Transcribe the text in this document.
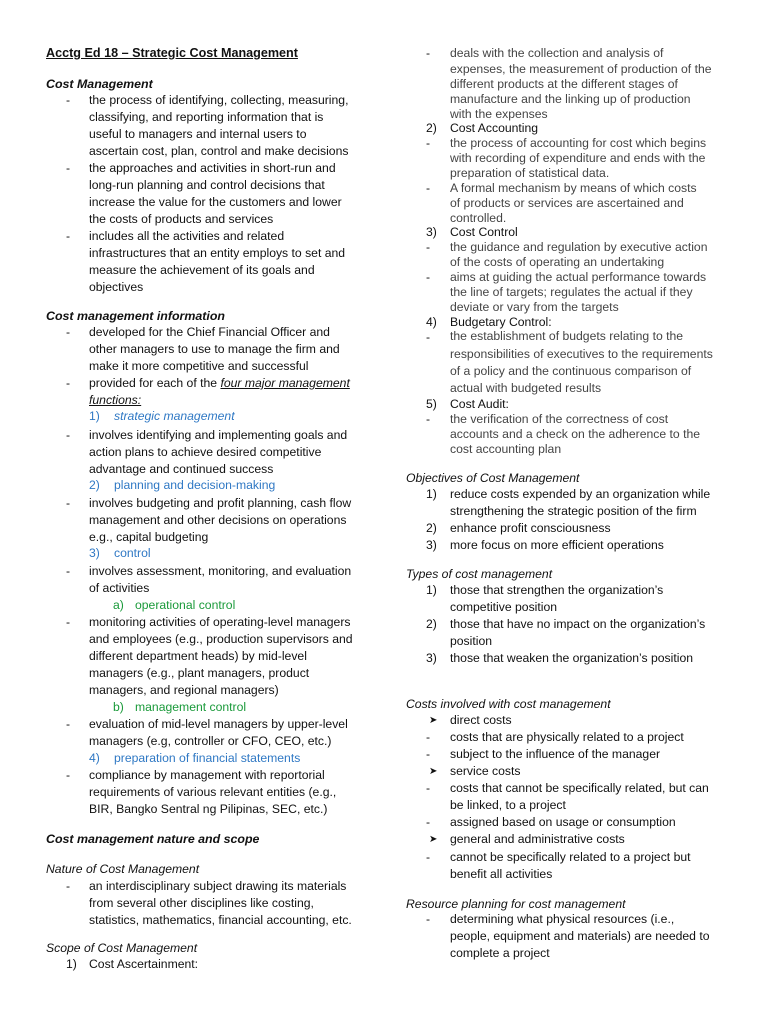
Acctg Ed 18 – Strategic Cost Management
Cost Management
- the process of identifying, collecting, measuring,
classifying, and reporting information that is
useful to managers and internal users to
ascertain cost, plan, control and make decisions
- the approaches and activities in short-run and
long-run planning and control decisions that
increase the value for the customers and lower
the costs of products and services
- includes all the activities and related
infrastructures that an entity employs to set and
measure the achievement of its goals and
objectives
Cost management information
- developed for the Chief Financial Officer and
other managers to use to manage the firm and
make it more competitive and successful
- provided for each of the four major management
functions:
1) strategic management
- involves identifying and implementing goals and
action plans to achieve desired competitive
advantage and continued success
2) planning and decision-making
- involves budgeting and profit planning, cash flow
management and other decisions on operations
e.g., capital budgeting
3) control
- involves assessment, monitoring, and evaluation
of activities
a) operational control
- monitoring activities of operating-level managers
and employees (e.g., production supervisors and
different department heads) by mid-level
managers (e.g., plant managers, product
managers, and regional managers)
b) management control
- evaluation of mid-level managers by upper-level
managers (e.g, controller or CFO, CEO, etc.)
4) preparation of financial statements
- compliance by management with reportorial
requirements of various relevant entities (e.g.,
BIR, Bangko Sentral ng Pilipinas, SEC, etc.)
Cost management nature and scope
Nature of Cost Management
- an interdisciplinary subject drawing its materials
from several other disciplines like costing,
statistics, mathematics, financial accounting, etc.
Scope of Cost Management
1) Cost Ascertainment:
- deals with the collection and analysis of
expenses, the measurement of production of the
different products at the different stages of
manufacture and the linking up of production
with the expenses
2) Cost Accounting
- the process of accounting for cost which begins
with recording of expenditure and ends with the
preparation of statistical data.
- A formal mechanism by means of which costs
of products or services are ascertained and
controlled.
3) Cost Control
- the guidance and regulation by executive action
of the costs of operating an undertaking
- aims at guiding the actual performance towards
the line of targets; regulates the actual if they
deviate or vary from the targets
4) Budgetary Control:
- the establishment of budgets relating to the
responsibilities of executives to the requirements
of a policy and the continuous comparison of
actual with budgeted results
5) Cost Audit:
- the verification of the correctness of cost
accounts and a check on the adherence to the
cost accounting plan
Objectives of Cost Management
1) reduce costs expended by an organization while
strengthening the strategic position of the firm
2) enhance profit consciousness
3) more focus on more efficient operations
Types of cost management
1) those that strengthen the organization’s
competitive position
2) those that have no impact on the organization’s
position
3) those that weaken the organization’s position
Costs involved with cost management
➤ direct costs
- costs that are physically related to a project
- subject to the influence of the manager
➤ service costs
- costs that cannot be specifically related, but can
be linked, to a project
- assigned based on usage or consumption
➤ general and administrative costs
- cannot be specifically related to a project but
benefit all activities
Resource planning for cost management
- determining what physical resources (i.e.,
people, equipment and materials) are needed to
complete a project
